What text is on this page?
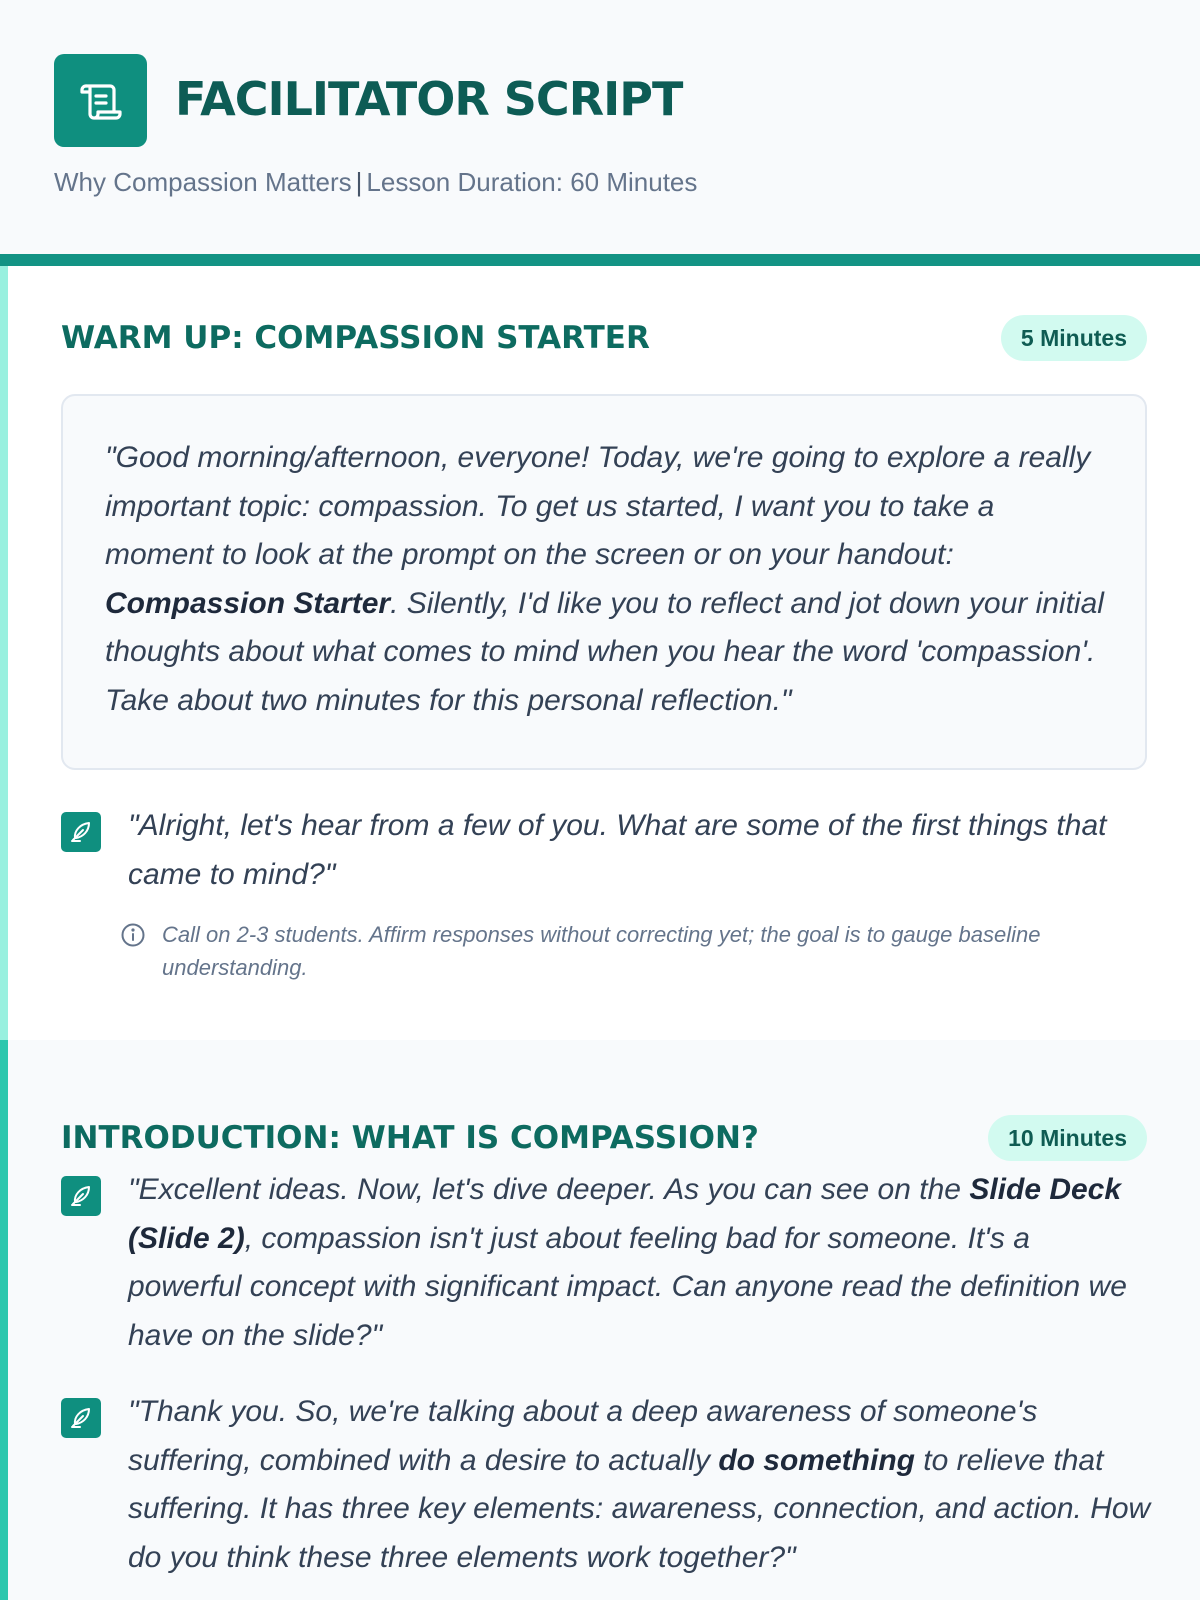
FACILITATOR SCRIPT
Why Compassion Matters | Lesson Duration: 60 Minutes
WARM UP: COMPASSION STARTER	5 Minutes

"Good morning/afternoon, everyone! Today, we're going to explore a really important topic: compassion. To get us started, I want you to take a moment to look at the prompt on the screen or on your handout: Compassion Starter. Silently, I'd like you to reflect and jot down your initial thoughts about what comes to mind when you hear the word 'compassion'. Take about two minutes for this personal reflection."

"Alright, let's hear from a few of you. What are some of the first things that came to mind?"

Call on 2-3 students. Affirm responses without correcting yet; the goal is to gauge baseline understanding.

INTRODUCTION: WHAT IS COMPASSION?	10 Minutes

"Excellent ideas. Now, let's dive deeper. As you can see on the Slide Deck (Slide 2), compassion isn't just about feeling bad for someone. It's a powerful concept with significant impact. Can anyone read the definition we have on the slide?"

"Thank you. So, we're talking about a deep awareness of someone's suffering, combined with a desire to actually do something to relieve that suffering. It has three key elements: awareness, connection, and action. How do you think these three elements work together?"
